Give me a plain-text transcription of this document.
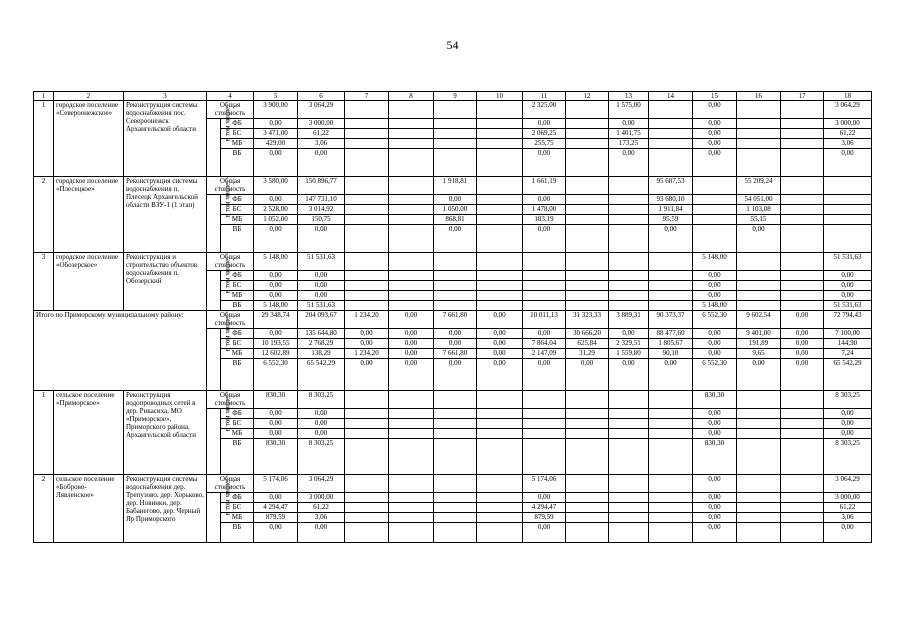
54
1	2	3	4		5	6	7	8	9	10	11	12	13	14	15	16	17	18
1	городское поселение «Североонежское»	Реконструкция системы водоснабжения пос. Североонежск Архангельской области	Общая стоимость		3 900,00	3 064,29					2 325,00		1 575,00		0,00			3 064,29
			в том числе:	ФБ	0,00	3 000,00					0,00		0,00		0,00			3 000,00
				БС	3 471,00	61,22					2 069,25		1 401,75		0,00			61,22
				МБ	429,00	3,06					255,75		173,25		0,00			3,06
				ВБ	0,00	0,00					0,00		0,00		0,00			0,00
2	городское поселение «Плесецкое»	Реконструкция системы водоснабжения п. Плесецк Архангельской области ВЗУ-1 (1 этап)	Общая стоимость		3 580,00	150 896,77			1 918,81		1 661,19			95 687,53		55 209,24		
			в том числе:	ФБ	0,00	147 731,10			0,00		0,00			93 680,10		54 051,00		
				БС	2 528,00	3 014,92			1 050,00		1 478,00			1 911,84		1 103,08		
				МБ	1 052,00	150,75			868,81		183,19			95,59		55,15		
				ВБ	0,00	0,00			0,00		0,00			0,00		0,00		
3	городское поселение «Обозерское»	Реконструкция и строительство объектов водоснабжения п. Обозерский	Общая стоимость		5 148,00	51 531,63									5 148,00			51 531,63
			в том числе:	ФБ	0,00	0,00									0,00			0,00
				БС	0,00	0,00									0,00			0,00
				МБ	0,00	0,00									0,00			0,00
				ВБ	5 148,00	51 531,63									5 148,00			51 531,63
Итого по Приморскому муниципальному району:			Общая стоимость		29 348,74	204 093,67	1 234,20	0,00	7 661,80	0,00	10 011,13	31 323,33	3 889,31	90 373,37	6 552,30	9 602,54	0,00	72 794,43
			в том числе:	ФБ	0,00	135 644,80	0,00	0,00	0,00	0,00	0,00	30 666,20	0,00	88 477,60	0,00	9 401,00	0,00	7 100,00
				БС	10 193,55	2 768,29	0,00	0,00	0,00	0,00	7 864,04	625,84	2 329,51	1 805,67	0,00	191,89	0,00	144,90
				МБ	12 602,89	138,29	1 234,20	0,00	7 661,80	0,00	2 147,09	31,29	1 559,80	90,10	0,00	9,65	0,00	7,24
				ВБ	6 552,30	65 542,29	0,00	0,00	0,00	0,00	0,00	0,00	0,00	0,00	6 552,30	0,00	0,00	65 542,29
1	сельское поселение «Приморское»	Реконструкция водопроводных сетей в дер. Рикасиха, МО «Приморское», Приморского района, Архангельской области	Общая стоимость		830,30	8 303,25									830,30			8 303,25
			в том числе:	ФБ	0,00	0,00									0,00			0,00
				БС	0,00	0,00									0,00			0,00
				МБ	0,00	0,00									0,00			0,00
				ВБ	830,30	8 303,25									830,30			8 303,25
2	сельское поселение «Боброво-Лявленское»	Реконструкция системы водоснабжения дер. Трепузово, дер. Хорьково, дер. Новинки, дер. Бабанегово, дер. Черный Яр Приморского	Общая стоимость		5 174,06	3 064,29					5 174,06				0,00			3 064,29
			в том числе:	ФБ	0,00	3 000,00					0,00				0,00			3 000,00
				БС	4 294,47	61,22					4 294,47				0,00			61,22
				МБ	879,59	3,06					879,59				0,00			3,06
				ВБ	0,00	0,00					0,00				0,00			0,00
